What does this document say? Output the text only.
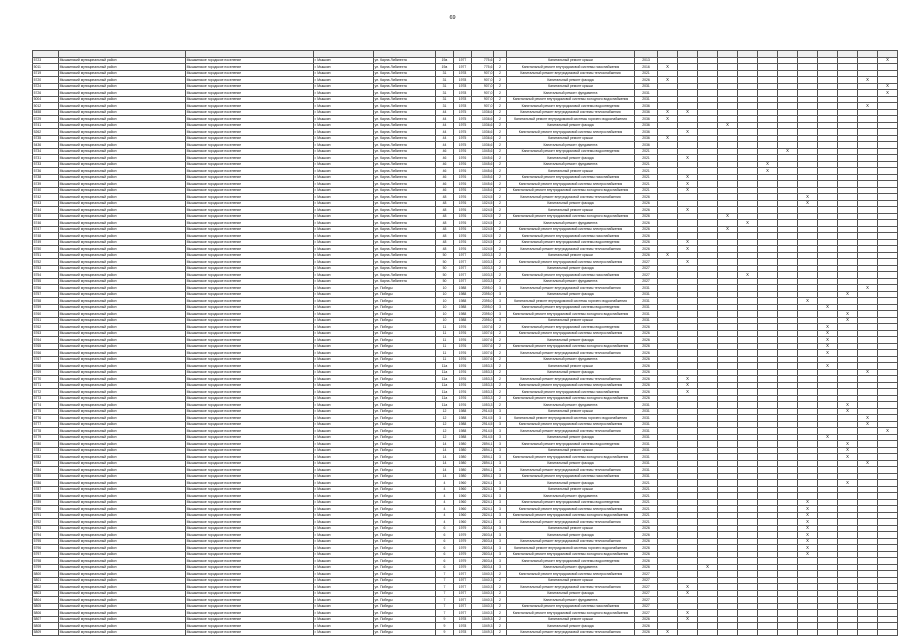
69

5723	Мышкинский муниципальный район	Мышкинское городское поселение	г. Мышкин	ул. Карла Либкнехта	19а	1977	775,6	2	Капитальный ремонт крыши	2013												X
5011	Мышкинский муниципальный район	Мышкинское городское поселение	г. Мышкин	ул. Карла Либкнехта	19а	1977	775,6	2	Капитальный ремонт внутридомовой системы газоснабжения	2016	X											
5719	Мышкинский муниципальный район	Мышкинское городское поселение	г. Мышкин	ул. Карла Либкнехта	31	1978	907,0	2	Капитальный ремонт внутридомовой системы теплоснабжения	2021												
5720	Мышкинский муниципальный район	Мышкинское городское поселение	г. Мышкин	ул. Карла Либкнехта	31	1978	907,0	2	Капитальный ремонт фасада	2026	X										X	
5724	Мышкинский муниципальный район	Мышкинское городское поселение	г. Мышкин	ул. Карла Либкнехта	31	1978	907,0	2	Капитальный ремонт крыши	2031												X
5726	Мышкинский муниципальный район	Мышкинское городское поселение	г. Мышкин	ул. Карла Либкнехта	31	1978	907,0	2	Капитальный ремонт фундамента	2031												X
5004	Мышкинский муниципальный район	Мышкинское городское поселение	г. Мышкин	ул. Карла Либкнехта	31	1978	907,0	2	Капитальный ремонт внутридомовой системы холодного водоснабжения	2031												
5012	Мышкинский муниципальный район	Мышкинское городское поселение	г. Мышкин	ул. Карла Либкнехта	31	1978	907,0	2	Капитальный ремонт внутридомовой системы водоотведения	2036											X	
5458	Мышкинский муниципальный район	Мышкинское городское поселение	г. Мышкин	ул. Карла Либкнехта	44	1975	1036,6	2	Капитальный ремонт внутридомовой системы теплоснабжения	2036	X	X										
5729	Мышкинский муниципальный район	Мышкинское городское поселение	г. Мышкин	ул. Карла Либкнехта	44	1975	1036,6	2	Капитальный ремонт внутридомовой системы горячего водоснабжения	2036	X											
5741	Мышкинский муниципальный район	Мышкинское городское поселение	г. Мышкин	ул. Карла Либкнехта	44	1975	1036,6	2	Капитальный ремонт фасада	2036				X								
5262	Мышкинский муниципальный район	Мышкинское городское поселение	г. Мышкин	ул. Карла Либкнехта	44	1975	1036,6	2	Капитальный ремонт внутридомовой системы электроснабжения	2036		X										
5735	Мышкинский муниципальный район	Мышкинское городское поселение	г. Мышкин	ул. Карла Либкнехта	44	1975	1036,6	2	Капитальный ремонт крыши	2036	X											
5436	Мышкинский муниципальный район	Мышкинское городское поселение	г. Мышкин	ул. Карла Либкнехта	44	1975	1036,6	2	Капитальный ремонт фундамента	2036												
5734	Мышкинский муниципальный район	Мышкинское городское поселение	г. Мышкин	ул. Карла Либкнехта	46	1976	1045,6	2	Капитальный ремонт внутридомовой системы водоотведения	2021							X					
5731	Мышкинский муниципальный район	Мышкинское городское поселение	г. Мышкин	ул. Карла Либкнехта	46	1976	1045,6	2	Капитальный ремонт фасада	2021		X										
5733	Мышкинский муниципальный район	Мышкинское городское поселение	г. Мышкин	ул. Карла Либкнехта	46	1976	1045,6	2	Капитальный ремонт фундамента	2021						X						
5736	Мышкинский муниципальный район	Мышкинское городское поселение	г. Мышкин	ул. Карла Либкнехта	46	1976	1045,6	2	Капитальный ремонт крыши	2021						X						
5738	Мышкинский муниципальный район	Мышкинское городское поселение	г. Мышкин	ул. Карла Либкнехта	46	1976	1045,6	2	Капитальный ремонт внутридомовой системы газоснабжения	2021		X										
5739	Мышкинский муниципальный район	Мышкинское городское поселение	г. Мышкин	ул. Карла Либкнехта	46	1976	1045,6	2	Капитальный ремонт внутридомовой системы электроснабжения	2021		X										
5740	Мышкинский муниципальный район	Мышкинское городское поселение	г. Мышкин	ул. Карла Либкнехта	46	1976	1045,6	2	Капитальный ремонт внутридомовой системы холодного водоснабжения	2021		X										
5742	Мышкинский муниципальный район	Мышкинское городское поселение	г. Мышкин	ул. Карла Либкнехта	48	1976	1024,5	2	Капитальный ремонт внутридомовой системы теплоснабжения	2026								X				
5743	Мышкинский муниципальный район	Мышкинское городское поселение	г. Мышкин	ул. Карла Либкнехта	48	1976	1024,5	2	Капитальный ремонт фасада	2026								X				
5744	Мышкинский муниципальный район	Мышкинское городское поселение	г. Мышкин	ул. Карла Либкнехта	48	1976	1024,5	2	Капитальный ремонт крыши	2026		X										
5745	Мышкинский муниципальный район	Мышкинское городское поселение	г. Мышкин	ул. Карла Либкнехта	48	1976	1024,5	2	Капитальный ремонт внутридомовой системы холодного водоснабжения	2026				X								
5746	Мышкинский муниципальный район	Мышкинское городское поселение	г. Мышкин	ул. Карла Либкнехта	48	1976	1024,5	2	Капитальный ремонт фундамента	2026					X							
5747	Мышкинский муниципальный район	Мышкинское городское поселение	г. Мышкин	ул. Карла Либкнехта	48	1976	1024,5	2	Капитальный ремонт внутридомовой системы электроснабжения	2026				X								
5748	Мышкинский муниципальный район	Мышкинское городское поселение	г. Мышкин	ул. Карла Либкнехта	48	1976	1024,5	2	Капитальный ремонт внутридомовой системы газоснабжения	2026												
5749	Мышкинский муниципальный район	Мышкинское городское поселение	г. Мышкин	ул. Карла Либкнехта	48	1976	1024,5	2	Капитальный ремонт внутридомовой системы водоотведения	2026		X										
5750	Мышкинский муниципальный район	Мышкинское городское поселение	г. Мышкин	ул. Карла Либкнехта	48	1976	1024,5	2	Капитальный ремонт внутридомовой системы теплоснабжения	2026		X										
5751	Мышкинский муниципальный район	Мышкинское городское поселение	г. Мышкин	ул. Карла Либкнехта	50	1977	1003,3	2	Капитальный ремонт крыши	2026	X											
5752	Мышкинский муниципальный район	Мышкинское городское поселение	г. Мышкин	ул. Карла Либкнехта	50	1977	1003,3	2	Капитальный ремонт внутридомовой системы электроснабжения	2027		X										
5753	Мышкинский муниципальный район	Мышкинское городское поселение	г. Мышкин	ул. Карла Либкнехта	50	1977	1003,3	2	Капитальный ремонт фасада	2027												
5754	Мышкинский муниципальный район	Мышкинское городское поселение	г. Мышкин	ул. Карла Либкнехта	50	1977	1003,3	2	Капитальный ремонт внутридомовой системы газоснабжения	2027					X							
5755	Мышкинский муниципальный район	Мышкинское городское поселение	г. Мышкин	ул. Карла Либкнехта	50	1977	1003,3	2	Капитальный ремонт фундамента	2027												
5756	Мышкинский муниципальный район	Мышкинское городское поселение	г. Мышкин	ул. Победы	10	1988	2395,0	3	Капитальный ремонт внутридомовой системы теплоснабжения	2031											X	
5757	Мышкинский муниципальный район	Мышкинское городское поселение	г. Мышкин	ул. Победы	10	1988	2395,0	3	Капитальный ремонт фасада	2031										X		
5758	Мышкинский муниципальный район	Мышкинское городское поселение	г. Мышкин	ул. Победы	10	1988	2395,0	3	Капитальный ремонт внутридомовой системы горячего водоснабжения	2031								X				
5759	Мышкинский муниципальный район	Мышкинское городское поселение	г. Мышкин	ул. Победы	10	1988	2395,0	3	Капитальный ремонт внутридомовой системы водоотведения	2031									X			
5760	Мышкинский муниципальный район	Мышкинское городское поселение	г. Мышкин	ул. Победы	10	1988	2395,0	3	Капитальный ремонт внутридомовой системы холодного водоснабжения	2031										X		
5761	Мышкинский муниципальный район	Мышкинское городское поселение	г. Мышкин	ул. Победы	10	1988	2395,0	3	Капитальный ремонт крыши	2031										X		
5762	Мышкинский муниципальный район	Мышкинское городское поселение	г. Мышкин	ул. Победы	11	1976	1007,6	2	Капитальный ремонт внутридомовой системы водоотведения	2026									X			
5763	Мышкинский муниципальный район	Мышкинское городское поселение	г. Мышкин	ул. Победы	11	1976	1007,6	2	Капитальный ремонт внутридомовой системы электроснабжения	2026									X			
5764	Мышкинский муниципальный район	Мышкинское городское поселение	г. Мышкин	ул. Победы	11	1976	1007,6	2	Капитальный ремонт фасада	2026									X			
5765	Мышкинский муниципальный район	Мышкинское городское поселение	г. Мышкин	ул. Победы	11	1976	1007,6	2	Капитальный ремонт внутридомовой системы холодного водоснабжения	2026									X			
5766	Мышкинский муниципальный район	Мышкинское городское поселение	г. Мышкин	ул. Победы	11	1976	1007,6	2	Капитальный ремонт внутридомовой системы теплоснабжения	2026									X			
5767	Мышкинский муниципальный район	Мышкинское городское поселение	г. Мышкин	ул. Победы	11	1976	1007,6	2	Капитальный ремонт фундамента	2026												
5768	Мышкинский муниципальный район	Мышкинское городское поселение	г. Мышкин	ул. Победы	11а	1976	1053,3	2	Капитальный ремонт крыши	2026									X			
5769	Мышкинский муниципальный район	Мышкинское городское поселение	г. Мышкин	ул. Победы	11а	1976	1053,3	2	Капитальный ремонт фасада	2026											X	
5770	Мышкинский муниципальный район	Мышкинское городское поселение	г. Мышкин	ул. Победы	11а	1976	1053,3	2	Капитальный ремонт внутридомовой системы теплоснабжения	2026		X										
5771	Мышкинский муниципальный район	Мышкинское городское поселение	г. Мышкин	ул. Победы	11а	1976	1053,3	2	Капитальный ремонт внутридомовой системы электроснабжения	2026		X										
5772	Мышкинский муниципальный район	Мышкинское городское поселение	г. Мышкин	ул. Победы	11а	1976	1053,3	2	Капитальный ремонт внутридомовой системы газоснабжения	2026		X										
5773	Мышкинский муниципальный район	Мышкинское городское поселение	г. Мышкин	ул. Победы	11а	1976	1053,3	2	Капитальный ремонт внутридомовой системы холодного водоснабжения	2026												
5774	Мышкинский муниципальный район	Мышкинское городское поселение	г. Мышкин	ул. Победы	11а	1976	1053,3	2	Капитальный ремонт фундамента	2031										X		
5775	Мышкинский муниципальный район	Мышкинское городское поселение	г. Мышкин	ул. Победы	12	1988	2914,5	3	Капитальный ремонт крыши	2031										X		
5776	Мышкинский муниципальный район	Мышкинское городское поселение	г. Мышкин	ул. Победы	12	1988	2914,5	3	Капитальный ремонт внутридомовой системы горячего водоснабжения	2031											X	
5777	Мышкинский муниципальный район	Мышкинское городское поселение	г. Мышкин	ул. Победы	12	1988	2914,5	3	Капитальный ремонт внутридомовой системы электроснабжения	2031											X	
5778	Мышкинский муниципальный район	Мышкинское городское поселение	г. Мышкин	ул. Победы	12	1988	2914,5	3	Капитальный ремонт внутридомовой системы теплоснабжения	2031												X
5779	Мышкинский муниципальный район	Мышкинское городское поселение	г. Мышкин	ул. Победы	12	1988	2914,5	3	Капитальный ремонт фасада	2031									X			
5780	Мышкинский муниципальный район	Мышкинское городское поселение	г. Мышкин	ул. Победы	14	1980	2894,1	3	Капитальный ремонт внутридомовой системы водоотведения	2031										X		
5781	Мышкинский муниципальный район	Мышкинское городское поселение	г. Мышкин	ул. Победы	14	1980	2894,1	3	Капитальный ремонт крыши	2031										X		
5782	Мышкинский муниципальный район	Мышкинское городское поселение	г. Мышкин	ул. Победы	14	1980	2894,1	3	Капитальный ремонт внутридомовой системы холодного водоснабжения	2031										X		
5783	Мышкинский муниципальный район	Мышкинское городское поселение	г. Мышкин	ул. Победы	14	1980	2894,1	3	Капитальный ремонт фасада	2031											X	
5784	Мышкинский муниципальный район	Мышкинское городское поселение	г. Мышкин	ул. Победы	14	1980	2894,1	3	Капитальный ремонт внутридомовой системы теплоснабжения	2031												
5785	Мышкинский муниципальный район	Мышкинское городское поселение	г. Мышкин	ул. Победы	14	1980	2894,1	3	Капитальный ремонт внутридомовой системы газоснабжения	2031												
5786	Мышкинский муниципальный район	Мышкинское городское поселение	г. Мышкин	ул. Победы	4	1960	2824,1	3	Капитальный ремонт фасада	2021										X		
5787	Мышкинский муниципальный район	Мышкинское городское поселение	г. Мышкин	ул. Победы	4	1960	2824,1	3	Капитальный ремонт крыши	2021												
5788	Мышкинский муниципальный район	Мышкинское городское поселение	г. Мышкин	ул. Победы	4	1960	2824,1	3	Капитальный ремонт фундамента	2021												
5789	Мышкинский муниципальный район	Мышкинское городское поселение	г. Мышкин	ул. Победы	4	1960	2824,1	3	Капитальный ремонт внутридомовой системы водоотведения	2021								X				
5790	Мышкинский муниципальный район	Мышкинское городское поселение	г. Мышкин	ул. Победы	4	1960	2824,1	3	Капитальный ремонт внутридомовой системы электроснабжения	2021								X				
5791	Мышкинский муниципальный район	Мышкинское городское поселение	г. Мышкин	ул. Победы	4	1960	2824,1	3	Капитальный ремонт внутридомовой системы холодного водоснабжения	2021								X				
5792	Мышкинский муниципальный район	Мышкинское городское поселение	г. Мышкин	ул. Победы	4	1960	2824,1	3	Капитальный ремонт внутридомовой системы теплоснабжения	2021								X				
5793	Мышкинский муниципальный район	Мышкинское городское поселение	г. Мышкин	ул. Победы	6	1979	2803,4	3	Капитальный ремонт крыши	2026								X				
5794	Мышкинский муниципальный район	Мышкинское городское поселение	г. Мышкин	ул. Победы	6	1979	2803,4	3	Капитальный ремонт фасада	2026								X				
5795	Мышкинский муниципальный район	Мышкинское городское поселение	г. Мышкин	ул. Победы	6	1979	2803,4	3	Капитальный ремонт внутридомовой системы теплоснабжения	2026								X				
5796	Мышкинский муниципальный район	Мышкинское городское поселение	г. Мышкин	ул. Победы	6	1979	2803,4	3	Капитальный ремонт внутридомовой системы горячего водоснабжения	2026								X				
5797	Мышкинский муниципальный район	Мышкинское городское поселение	г. Мышкин	ул. Победы	6	1979	2803,4	3	Капитальный ремонт внутридомовой системы холодного водоснабжения	2026								X				
5798	Мышкинский муниципальный район	Мышкинское городское поселение	г. Мышкин	ул. Победы	6	1979	2803,4	3	Капитальный ремонт внутридомовой системы водоотведения	2026												
5799	Мышкинский муниципальный район	Мышкинское городское поселение	г. Мышкин	ул. Победы	6	1979	2803,4	3	Капитальный ремонт фундамента	2026			X									
5800	Мышкинский муниципальный район	Мышкинское городское поселение	г. Мышкин	ул. Победы	7	1977	1040,3	2	Капитальный ремонт внутридомовой системы электроснабжения	2027												
5801	Мышкинский муниципальный район	Мышкинское городское поселение	г. Мышкин	ул. Победы	7	1977	1040,3	2	Капитальный ремонт крыши	2027												
5802	Мышкинский муниципальный район	Мышкинское городское поселение	г. Мышкин	ул. Победы	7	1977	1040,3	2	Капитальный ремонт внутридомовой системы теплоснабжения	2027		X										
5803	Мышкинский муниципальный район	Мышкинское городское поселение	г. Мышкин	ул. Победы	7	1977	1040,3	2	Капитальный ремонт фасада	2027		X										
5804	Мышкинский муниципальный район	Мышкинское городское поселение	г. Мышкин	ул. Победы	7	1977	1040,3	2	Капитальный ремонт фундамента	2027												
5805	Мышкинский муниципальный район	Мышкинское городское поселение	г. Мышкин	ул. Победы	7	1977	1040,3	2	Капитальный ремонт внутридомовой системы газоснабжения	2027												
5806	Мышкинский муниципальный район	Мышкинское городское поселение	г. Мышкин	ул. Победы	7	1977	1040,3	2	Капитальный ремонт внутридомовой системы холодного водоснабжения	2027		X										
5807	Мышкинский муниципальный район	Мышкинское городское поселение	г. Мышкин	ул. Победы	9	1978	1049,3	2	Капитальный ремонт крыши	2026		X										
5808	Мышкинский муниципальный район	Мышкинское городское поселение	г. Мышкин	ул. Победы	9	1978	1049,3	2	Капитальный ремонт фасада	2026												
5809	Мышкинский муниципальный район	Мышкинское городское поселение	г. Мышкин	ул. Победы	9	1978	1049,3	2	Капитальный ремонт внутридомовой системы теплоснабжения	2026	X											
